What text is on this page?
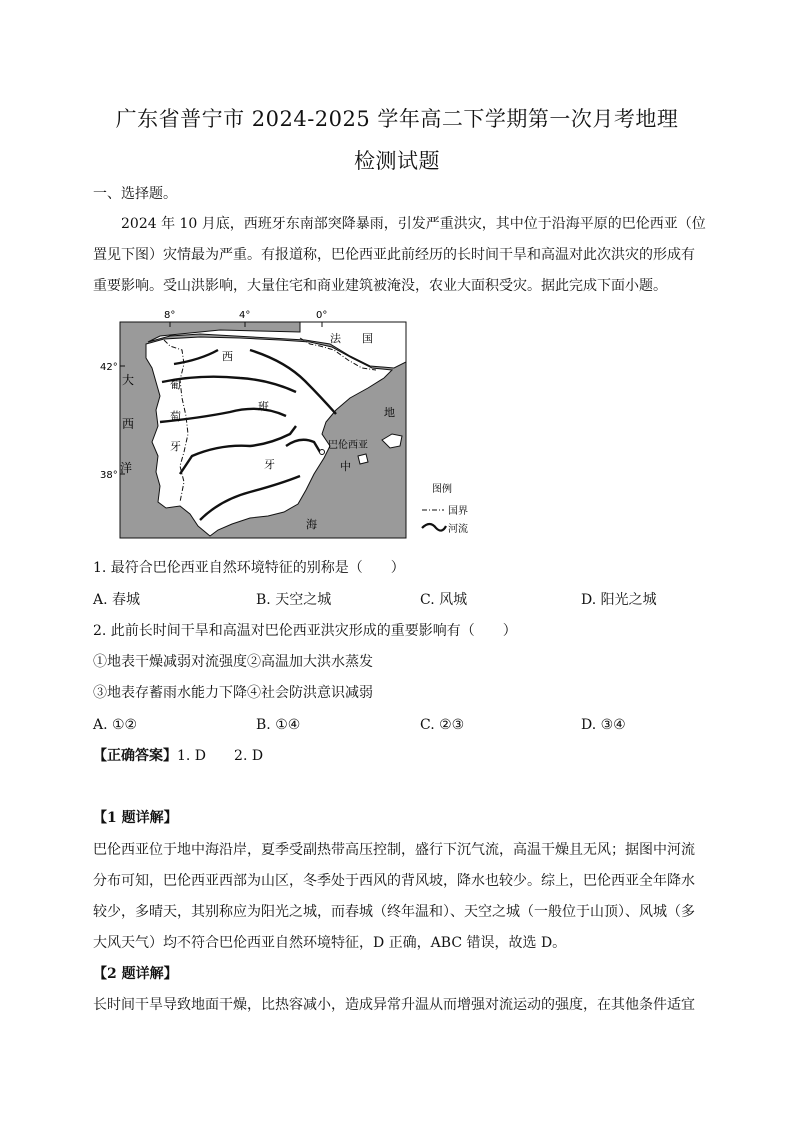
广东省普宁市 2024-2025 学年高二下学期第一次月考地理
检测试题
一、选择题。
2024 年 10 月底，西班牙东南部突降暴雨，引发严重洪灾，其中位于沿海平原的巴伦西亚（位
置见下图）灾情最为严重。有报道称，巴伦西亚此前经历的长时间干旱和高温对此次洪灾的形成有
重要影响。受山洪影响，大量住宅和商业建筑被淹没，农业大面积受灾。据此完成下面小题。
8°	4°	0°
42°
38°
大
西
洋
葡
萄
牙
西
班
牙
法 国
地
中
海
巴伦西亚
图例
国界
河流
1. 最符合巴伦西亚自然环境特征的别称是（　　）
A. 春城	B. 天空之城	C. 风城	D. 阳光之城
2. 此前长时间干旱和高温对巴伦西亚洪灾形成的重要影响有（　　）
①地表干燥减弱对流强度②高温加大洪水蒸发
③地表存蓄雨水能力下降④社会防洪意识减弱
A. ①②	B. ①④	C. ②③	D. ③④
【正确答案】1. D　　2. D
【1 题详解】
巴伦西亚位于地中海沿岸，夏季受副热带高压控制，盛行下沉气流，高温干燥且无风；据图中河流
分布可知，巴伦西亚西部为山区，冬季处于西风的背风坡，降水也较少。综上，巴伦西亚全年降水
较少，多晴天，其别称应为阳光之城，而春城（终年温和）、天空之城（一般位于山顶）、风城（多
大风天气）均不符合巴伦西亚自然环境特征，D 正确，ABC 错误，故选 D。
【2 题详解】
长时间干旱导致地面干燥，比热容减小，造成异常升温从而增强对流运动的强度，在其他条件适宜
